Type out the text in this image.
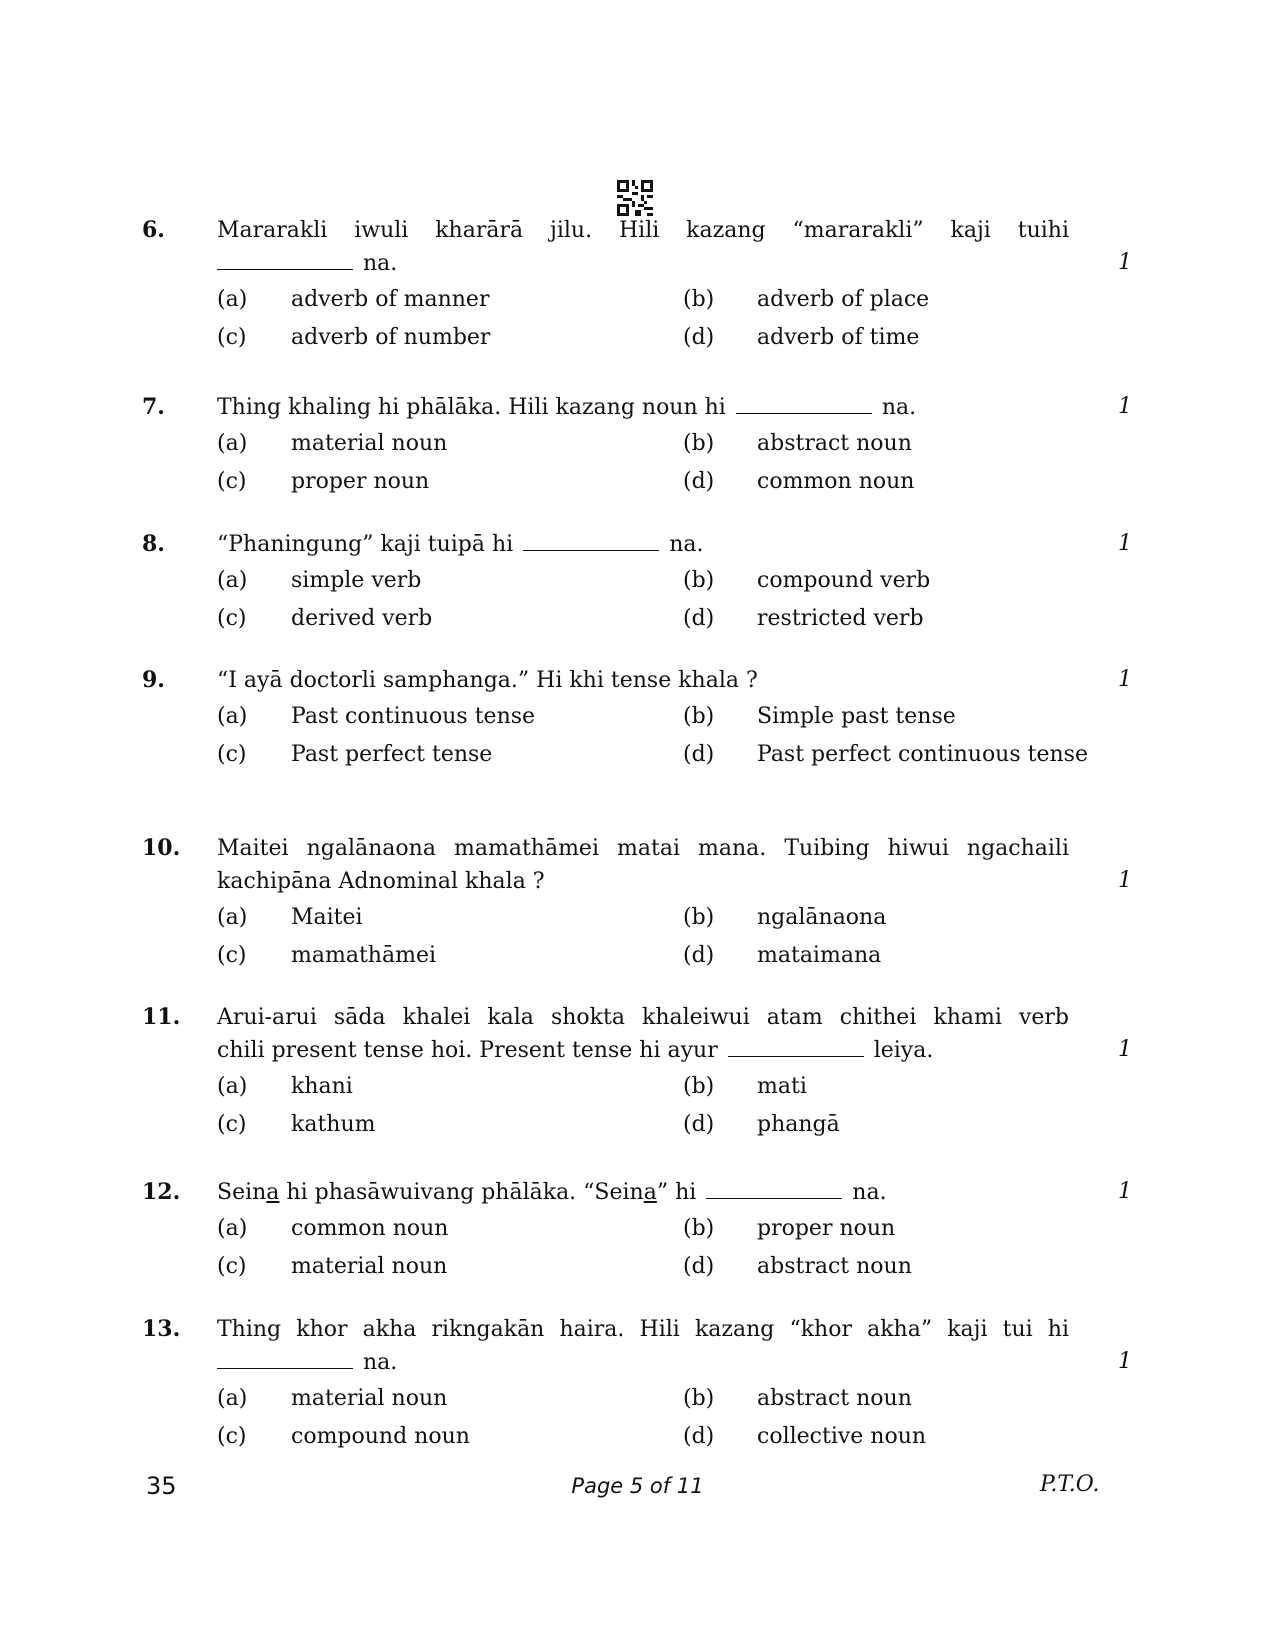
6. Mararakli iwuli kharārā jilu. Hili kazang “mararakli” kaji tuihi
na.	1
(a) adverb of manner	(b) adverb of place
(c) adverb of number	(d) adverb of time
7. Thing khaling hi phālāka. Hili kazang noun hi	na.	1
(a) material noun	(b) abstract noun
(c) proper noun	(d) common noun
8. “Phaningung” kaji tuipā hi	na.	1
(a) simple verb	(b) compound verb
(c) derived verb	(d) restricted verb
9. “I ayā doctorli samphanga.” Hi khi tense khala ?	1
(a) Past continuous tense	(b) Simple past tense
(c) Past perfect tense	(d) Past perfect continuous tense
10. Maitei ngalānaona mamathāmei matai mana. Tuibing hiwui ngachaili
kachipāna Adnominal khala ?	1
(a) Maitei	(b) ngalānaona
(c) mamathāmei	(d) mataimana
11. Arui-arui sāda khalei kala shokta khaleiwui atam chithei khami verb
chili present tense hoi. Present tense hi ayur	leiya.	1
(a) khani	(b) mati
(c) kathum	(d) phangā
12. Seina hi phasāwuivang phālāka. “Seina” hi	na.	1
(a) common noun	(b) proper noun
(c) material noun	(d) abstract noun
13. Thing khor akha rikngakān haira. Hili kazang “khor akha” kaji tui hi
na.	1
(a) material noun	(b) abstract noun
(c) compound noun	(d) collective noun
35	Page 5 of 11	P.T.O.
